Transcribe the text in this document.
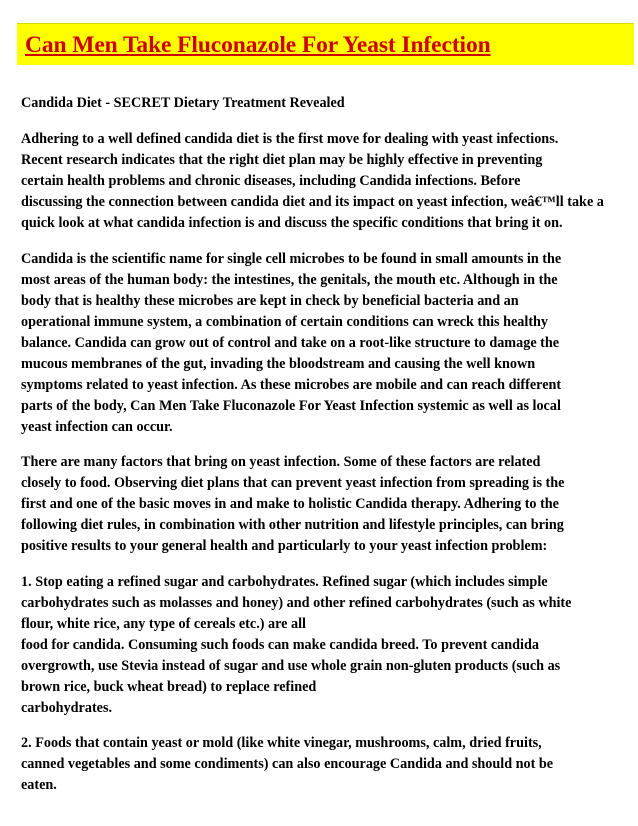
Can Men Take Fluconazole For Yeast Infection

Candida Diet - SECRET Dietary Treatment Revealed

Adhering to a well defined candida diet is the first move for dealing with yeast infections.
Recent research indicates that the right diet plan may be highly effective in preventing
certain health problems and chronic diseases, including Candida infections. Before
discussing the connection between candida diet and its impact on yeast infection, weâ€™ll take a
quick look at what candida infection is and discuss the specific conditions that bring it on.

Candida is the scientific name for single cell microbes to be found in small amounts in the
most areas of the human body: the intestines, the genitals, the mouth etc. Although in the
body that is healthy these microbes are kept in check by beneficial bacteria and an
operational immune system, a combination of certain conditions can wreck this healthy
balance. Candida can grow out of control and take on a root-like structure to damage the
mucous membranes of the gut, invading the bloodstream and causing the well known
symptoms related to yeast infection. As these microbes are mobile and can reach different
parts of the body, Can Men Take Fluconazole For Yeast Infection systemic as well as local
yeast infection can occur.

There are many factors that bring on yeast infection. Some of these factors are related
closely to food. Observing diet plans that can prevent yeast infection from spreading is the
first and one of the basic moves in and make to holistic Candida therapy. Adhering to the
following diet rules, in combination with other nutrition and lifestyle principles, can bring
positive results to your general health and particularly to your yeast infection problem:

1. Stop eating a refined sugar and carbohydrates. Refined sugar (which includes simple
carbohydrates such as molasses and honey) and other refined carbohydrates (such as white
flour, white rice, any type of cereals etc.) are all
food for candida. Consuming such foods can make candida breed. To prevent candida
overgrowth, use Stevia instead of sugar and use whole grain non-gluten products (such as
brown rice, buck wheat bread) to replace refined
carbohydrates.

2. Foods that contain yeast or mold (like white vinegar, mushrooms, calm, dried fruits,
canned vegetables and some condiments) can also encourage Candida and should not be
eaten.
